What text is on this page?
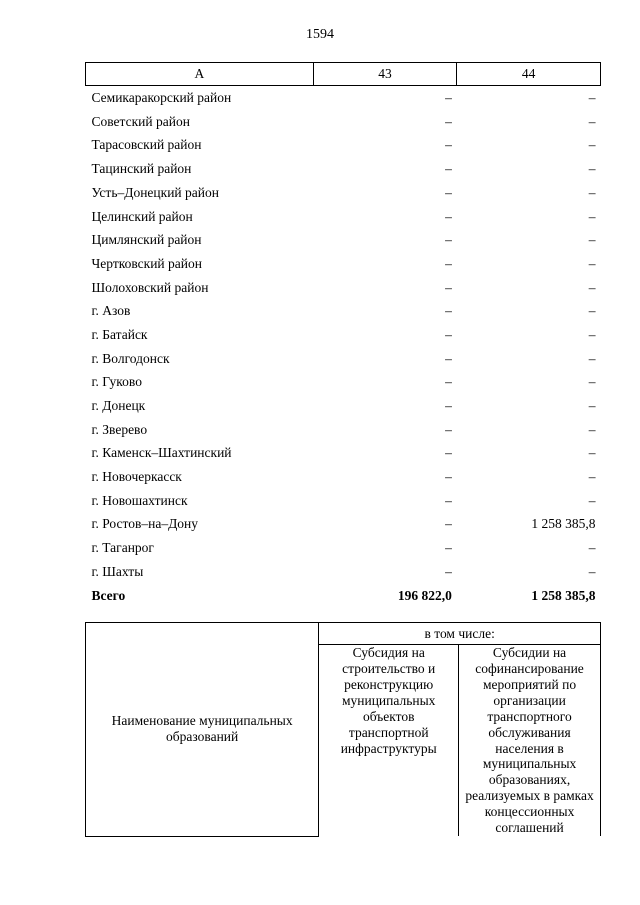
1594
А	43	44
Семикаракорский район	–	–
Советский район	–	–
Тарасовский район	–	–
Тацинский район	–	–
Усть–Донецкий район	–	–
Целинский район	–	–
Цимлянский район	–	–
Чертковский район	–	–
Шолоховский район	–	–
г. Азов	–	–
г. Батайск	–	–
г. Волгодонск	–	–
г. Гуково	–	–
г. Донецк	–	–
г. Зверево	–	–
г. Каменск–Шахтинский	–	–
г. Новочеркасск	–	–
г. Новошахтинск	–	–
г. Ростов–на–Дону	–	1 258 385,8
г. Таганрог	–	–
г. Шахты	–	–
Всего	196 822,0	1 258 385,8
Наименование муниципальных образований	в том числе:	
	Субсидия на строительство и реконструкцию муниципальных объектов транспортной инфраструктуры	Субсидии на софинансирование мероприятий по организации транспортного обслуживания населения в муниципальных образованиях, реализуемых в рамках концессионных соглашений
